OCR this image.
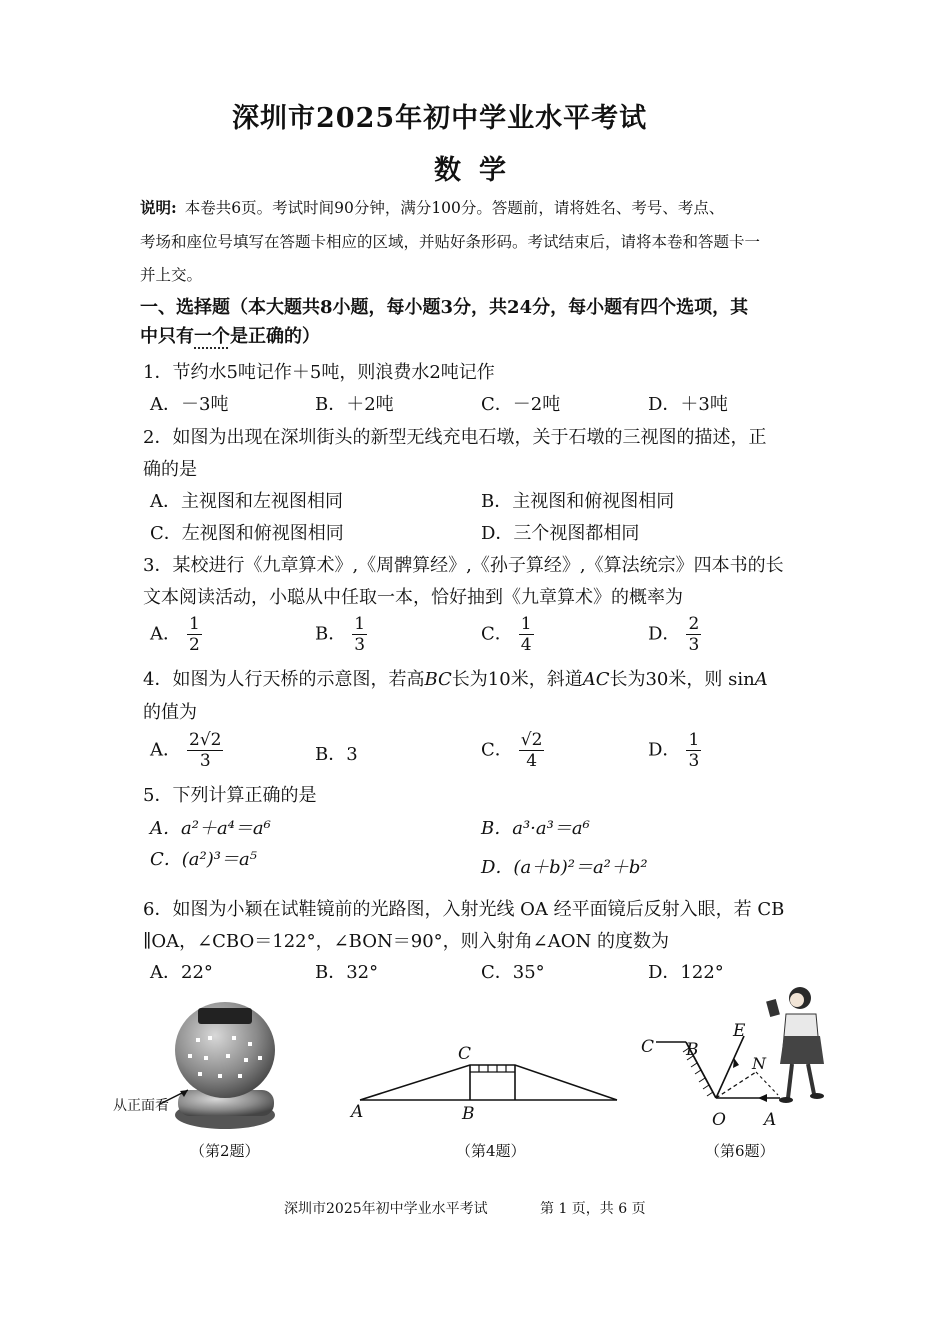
深圳市2025年初中学业水平考试
数学
说明: 本卷共6页。考试时间90分钟，满分100分。答题前，请将姓名、考号、考点、
考场和座位号填写在答题卡相应的区域，并贴好条形码。考试结束后，请将本卷和答题卡一
并上交。
一、选择题（本大题共8小题，每小题3分，共24分，每小题有四个选项，其
中只有一个是正确的）
1．节约水5吨记作＋5吨，则浪费水2吨记作
A．－3吨	B．＋2吨	C．－2吨	D．＋3吨
2．如图为出现在深圳街头的新型无线充电石墩，关于石墩的三视图的描述，正
确的是
A．主视图和左视图相同	B．主视图和俯视图相同
C．左视图和俯视图相同	D．三个视图都相同
3．某校进行《九章算术》,《周髀算经》,《孙子算经》,《算法统宗》四本书的长
文本阅读活动，小聪从中任取一本，恰好抽到《九章算术》的概率为
A． $\frac{1}{2}$	B． $\frac{1}{3}$	C． $\frac{1}{4}$	D． $\frac{2}{3}$
4．如图为人行天桥的示意图，若高BC长为10米，斜道AC长为30米，则 sinA
的值为
A． $\frac{2√2}{3}$	B．3	C． $\frac{√2}{4}$	D． $\frac{1}{3}$
5．下列计算正确的是
A．a²＋a⁴＝a⁶	B．a³·a³＝a⁶
C．(a²)³＝a⁵	D．(a＋b)²＝a²＋b²
6．如图为小颖在试鞋镜前的光路图，入射光线 OA 经平面镜后反射入眼，若 CB
∥OA，∠CBO＝122°，∠BON＝90°，则入射角∠AON 的度数为
A．22°	B．32°	C．35°	D．122°
从正面看
（第2题）
A	B
C
（第4题）
C B
E
N
O A
（第6题）
深圳市2025年初中学业水平考试	第 1 页，共 6 页
